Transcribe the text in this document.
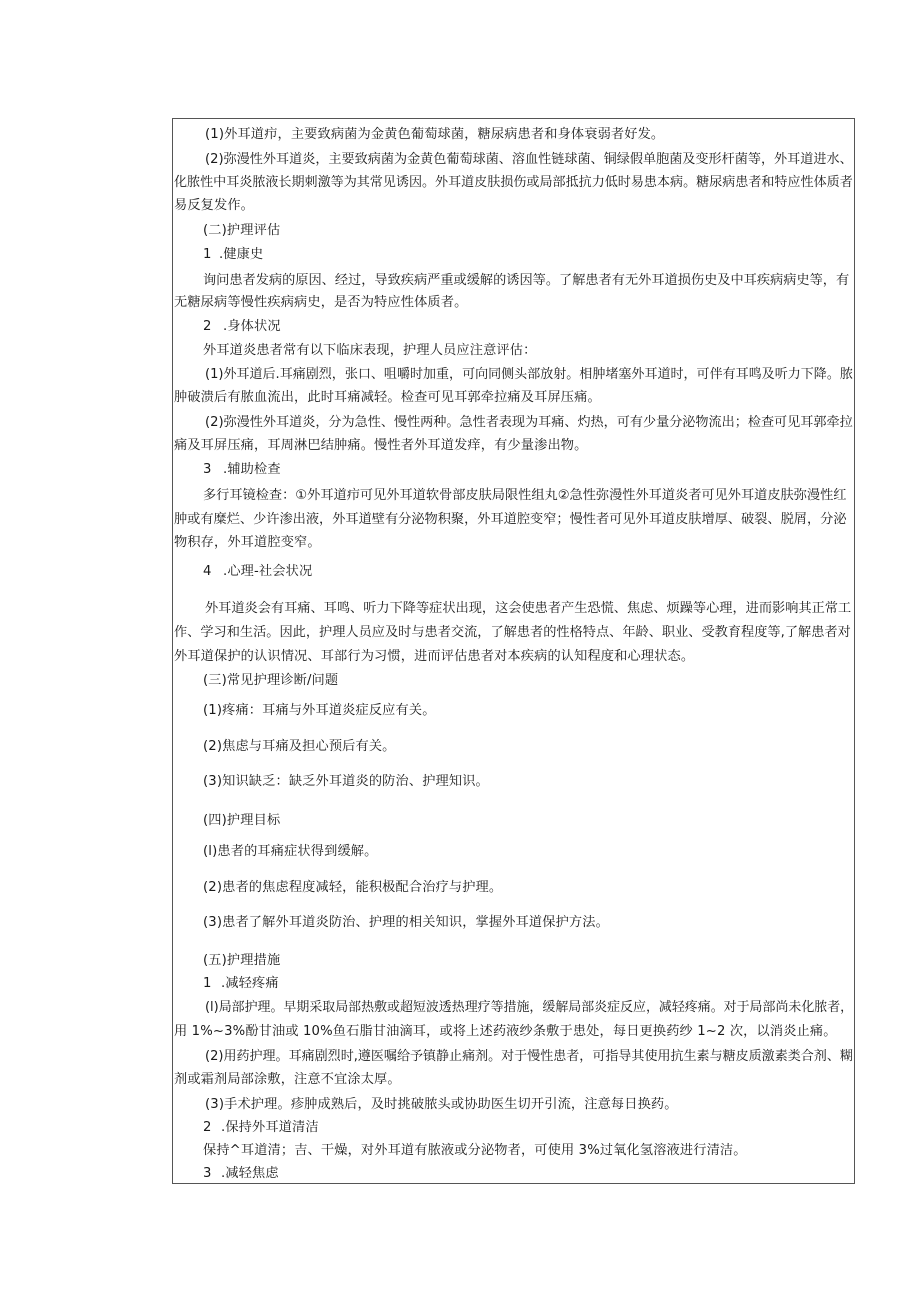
(1)外耳道疖，主要致病菌为金黄色葡萄球菌，糖尿病患者和身体衰弱者好发。
(2)弥漫性外耳道炎，主要致病菌为金黄色葡萄球菌、溶血性链球菌、铜绿假单胞菌及变形杆菌等，外耳道进水、
化脓性中耳炎脓液长期刺激等为其常见诱因。外耳道皮肤损伤或局部抵抗力低时易患本病。糖尿病患者和特应性体质者
易反复发作。
(二)护理评估
1 .健康史
询问患者发病的原因、经过，导致疾病严重或缓解的诱因等。了解患者有无外耳道损伤史及中耳疾病病史等，有
无糖尿病等慢性疾病病史，是否为特应性体质者。
2 .身体状况
外耳道炎患者常有以下临床表现，护理人员应注意评估：
(1)外耳道后.耳痛剧烈，张口、咀嚼时加重，可向同侧头部放射。相肿堵塞外耳道时，可伴有耳鸣及听力下降。脓
肿破溃后有脓血流出，此时耳痛减轻。检查可见耳郭牵拉痛及耳屏压痛。
(2)弥漫性外耳道炎，分为急性、慢性两种。急性者表现为耳痛、灼热，可有少量分泌物流出；检查可见耳郭牵拉
痛及耳屏压痛，耳周淋巴结肿痛。慢性者外耳道发痒，有少量渗出物。
3 .辅助检查
多行耳镜检查：①外耳道疖可见外耳道软骨部皮肤局限性组丸②急性弥漫性外耳道炎者可见外耳道皮肤弥漫性红
肿或有糜烂、少许渗出液，外耳道壁有分泌物积聚，外耳道腔变窄；慢性者可见外耳道皮肤增厚、破裂、脱屑，分泌
物积存，外耳道腔变窄。
4 .心理-社会状况
外耳道炎会有耳痛、耳鸣、听力下降等症状出现，这会使患者产生恐慌、焦虑、烦躁等心理，进而影响其正常工
作、学习和生活。因此，护理人员应及时与患者交流，了解患者的性格特点、年龄、职业、受教育程度等,了解患者对
外耳道保护的认识情况、耳部行为习惯，进而评估患者对本疾病的认知程度和心理状态。
(三)常见护理诊断/问题
(1)疼痛：耳痛与外耳道炎症反应有关。
(2)焦虑与耳痛及担心预后有关。
(3)知识缺乏：缺乏外耳道炎的防治、护理知识。
(四)护理目标
(l)患者的耳痛症状得到缓解。
(2)患者的焦虑程度减轻，能积极配合治疗与护理。
(3)患者了解外耳道炎防治、护理的相关知识，掌握外耳道保护方法。
(五)护理措施
1 .减轻疼痛
(l)局部护理。早期采取局部热敷或超短波透热理疗等措施，缓解局部炎症反应，减轻疼痛。对于局部尚未化脓者，
用 1%~3%酚甘油或 10%鱼石脂甘油滴耳，或将上述药液纱条敷于患处，每日更换药纱 1~2 次，以消炎止痛。
(2)用药护理。耳痛剧烈时,遵医嘱给予镇静止痛剂。对于慢性患者，可指导其使用抗生素与糖皮质激素类合剂、糊
剂或霜剂局部涂敷，注意不宜涂太厚。
(3)手术护理。疹肿成熟后，及时挑破脓头或协助医生切开引流，注意每日换药。
2 .保持外耳道清洁
保持^耳道清；吉、干燥，对外耳道有脓液或分泌物者，可使用 3%过氧化氢溶液进行清洁。
3 .减轻焦虑
